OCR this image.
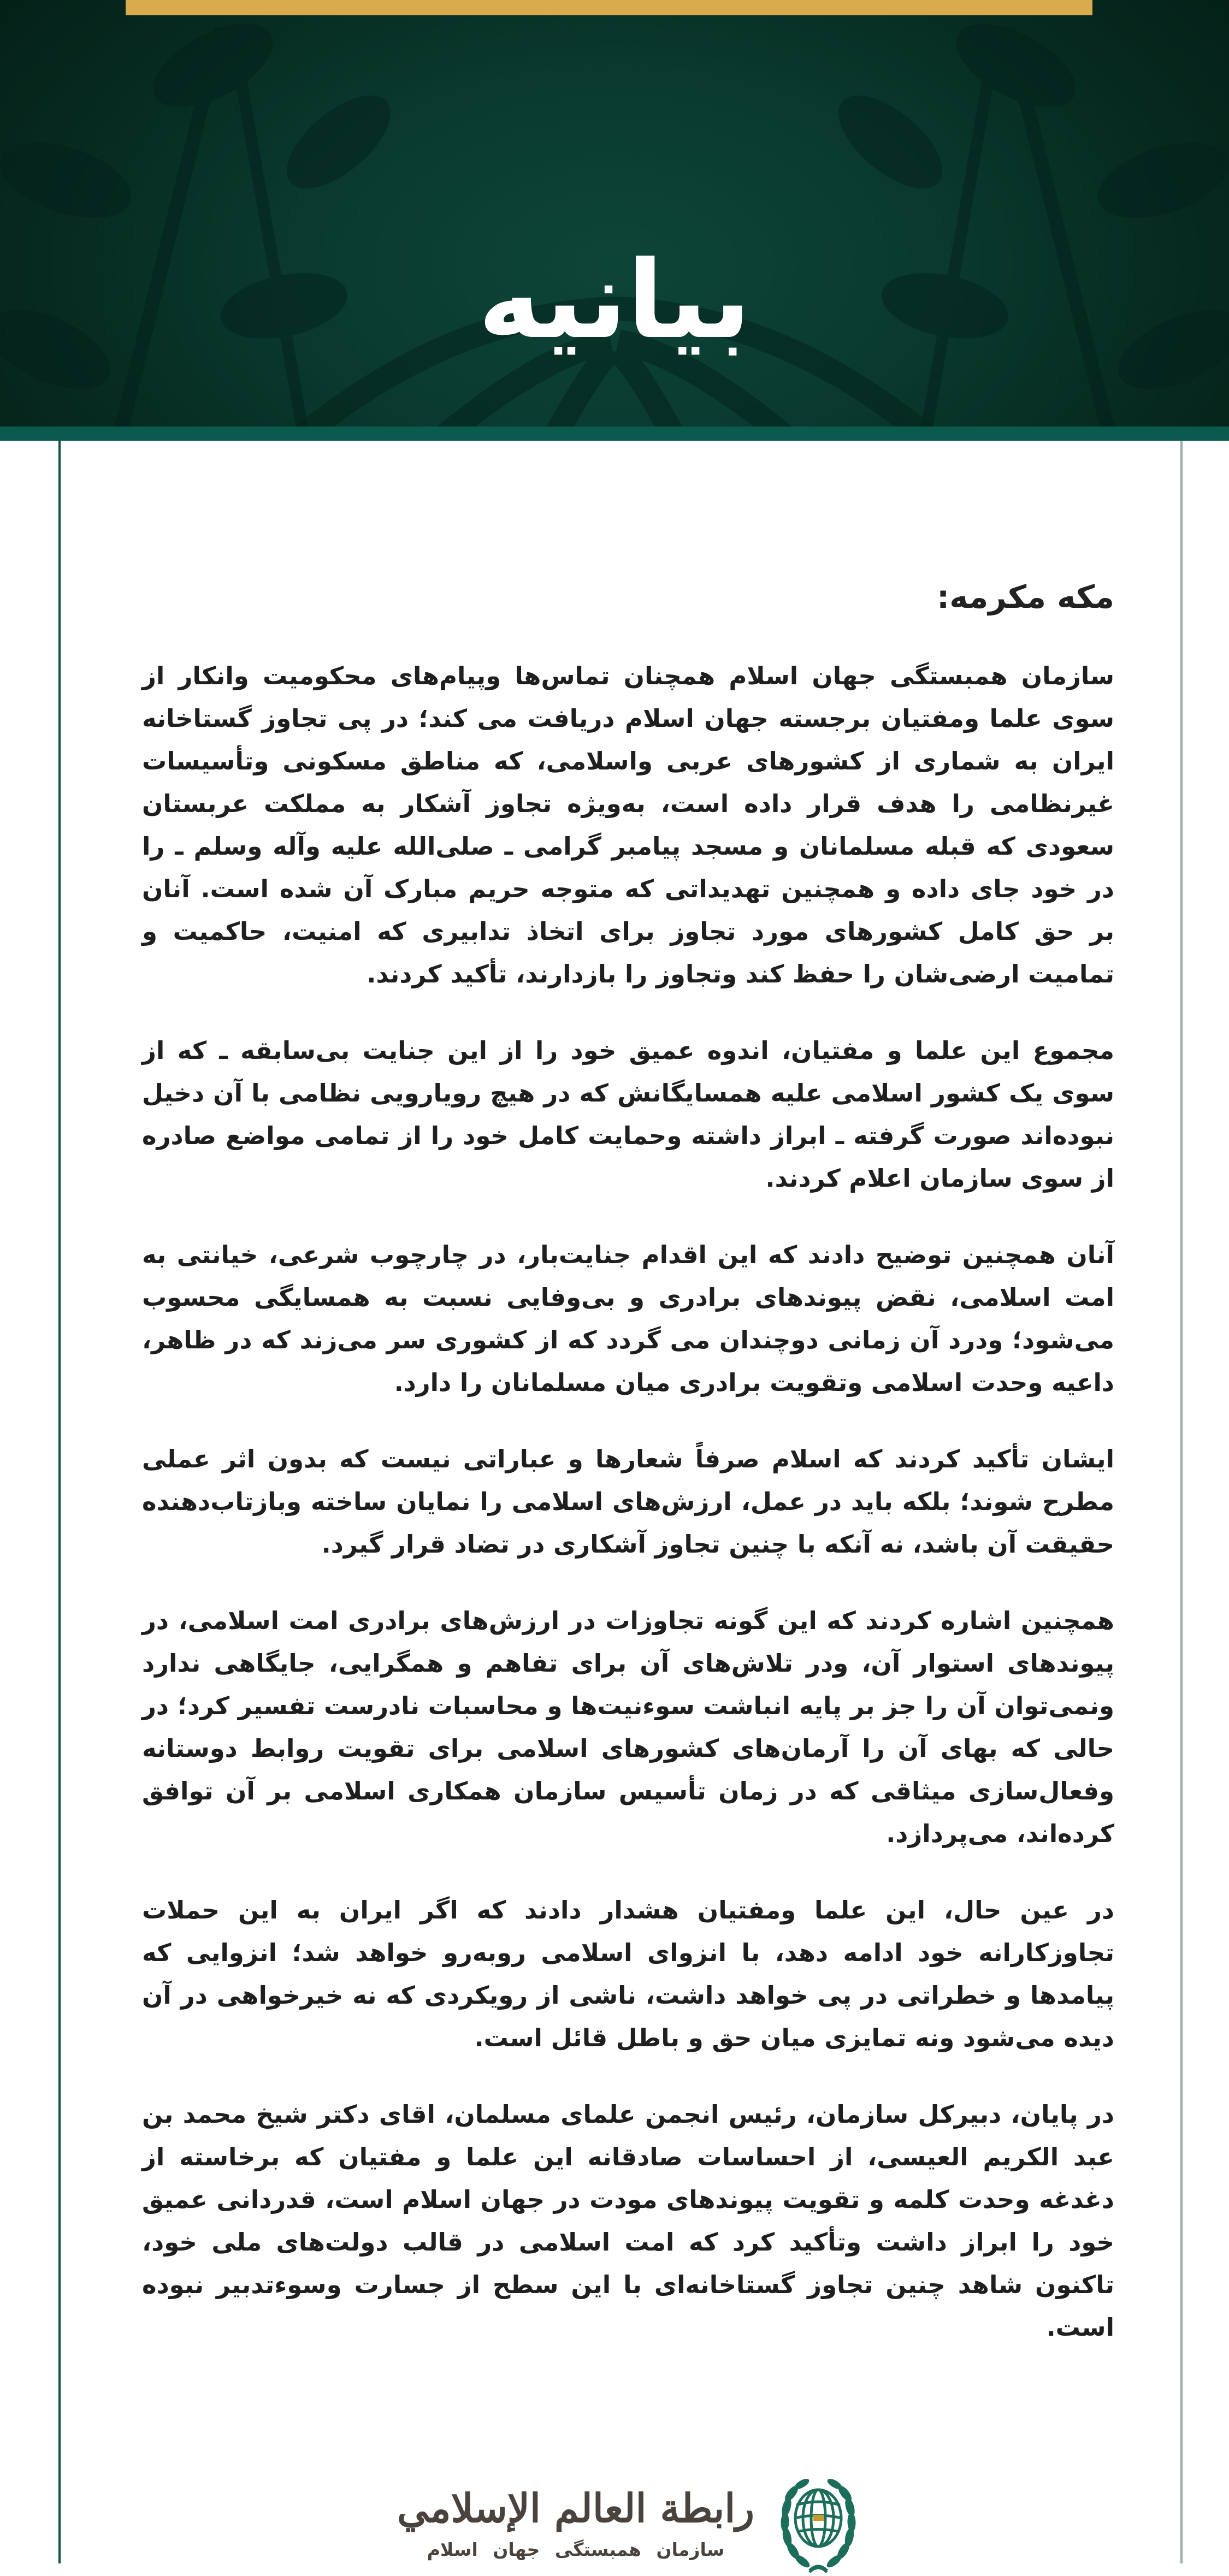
بیانیه
مکه مکرمه:

سازمان همبستگی جهان اسلام همچنان تماس‌ها وپیام‌های محکومیت وانکار از سوی علما ومفتیان برجسته جهان اسلام دریافت می کند؛ در پی تجاوز گستاخانه ایران به شماری از کشورهای عربی واسلامی، که مناطق مسکونی وتأسیسات غیرنظامی را هدف قرار داده است، به‌ویژه تجاوز آشکار به مملکت عربستان سعودی که قبله مسلمانان و مسجد پیامبر گرامی ـ صلی‌الله علیه وآله وسلم ـ را در خود جای داده و همچنین تهدیداتی که متوجه حریم مبارک آن شده است. آنان بر حق کامل کشورهای مورد تجاوز برای اتخاذ تدابیری که امنیت، حاکمیت و تمامیت ارضی‌شان را حفظ کند وتجاوز را بازدارند، تأکید کردند.

مجموع این علما و مفتیان، اندوه عمیق خود را از این جنایت بی‌سابقه ـ که از سوی یک کشور اسلامی علیه همسایگانش که در هیچ رویارویی نظامی با آن دخیل نبوده‌اند صورت گرفته ـ ابراز داشته وحمایت کامل خود را از تمامی مواضع صادره از سوی سازمان اعلام کردند.

آنان همچنین توضیح دادند که این اقدام جنایت‌بار، در چارچوب شرعی، خیانتی به امت اسلامی، نقض پیوندهای برادری و بی‌وفایی نسبت به همسایگی محسوب می‌شود؛ ودرد آن زمانی دوچندان می گردد که از کشوری سر می‌زند که در ظاهر، داعیه وحدت اسلامی وتقویت برادری میان مسلمانان را دارد.

ایشان تأکید کردند که اسلام صرفاً شعارها و عباراتی نیست که بدون اثر عملی مطرح شوند؛ بلکه باید در عمل، ارزش‌های اسلامی را نمایان ساخته وبازتاب‌دهنده حقیقت آن باشد، نه آنکه با چنین تجاوز آشکاری در تضاد قرار گیرد.

همچنین اشاره کردند که این گونه تجاوزات در ارزش‌های برادری امت اسلامی، در پیوندهای استوار آن، ودر تلاش‌های آن برای تفاهم و همگرایی، جایگاهی ندارد ونمی‌توان آن را جز بر پایه انباشت سوءنیت‌ها و محاسبات نادرست تفسیر کرد؛ در حالی که بهای آن را آرمان‌های کشورهای اسلامی برای تقویت روابط دوستانه وفعال‌سازی میثاقی که در زمان تأسیس سازمان همکاری اسلامی بر آن توافق کرده‌اند، می‌پردازد.

در عین حال، این علما ومفتیان هشدار دادند که اگر ایران به این حملات تجاوزکارانه خود ادامه دهد، با انزوای اسلامی روبه‌رو خواهد شد؛ انزوایی که پیامدها و خطراتی در پی خواهد داشت، ناشی از رویکردی که نه خیرخواهی در آن دیده می‌شود ونه تمایزی میان حق و باطل قائل است.

در پایان، دبیرکل سازمان، رئیس انجمن علمای مسلمان، اقای دکتر شیخ محمد بن عبد الکریم العیسی، از احساسات صادقانه این علما و مفتیان که برخاسته از دغدغه وحدت کلمه و تقویت پیوندهای مودت در جهان اسلام است، قدردانی عمیق خود را ابراز داشت وتأکید کرد که امت اسلامی در قالب دولت‌های ملی خود، تاکنون شاهد چنین تجاوز گستاخانه‌ای با این سطح از جسارت وسوءتدبیر نبوده است.

رابطة العالم الإسلامي
سازمان همبستگی جهان اسلام
